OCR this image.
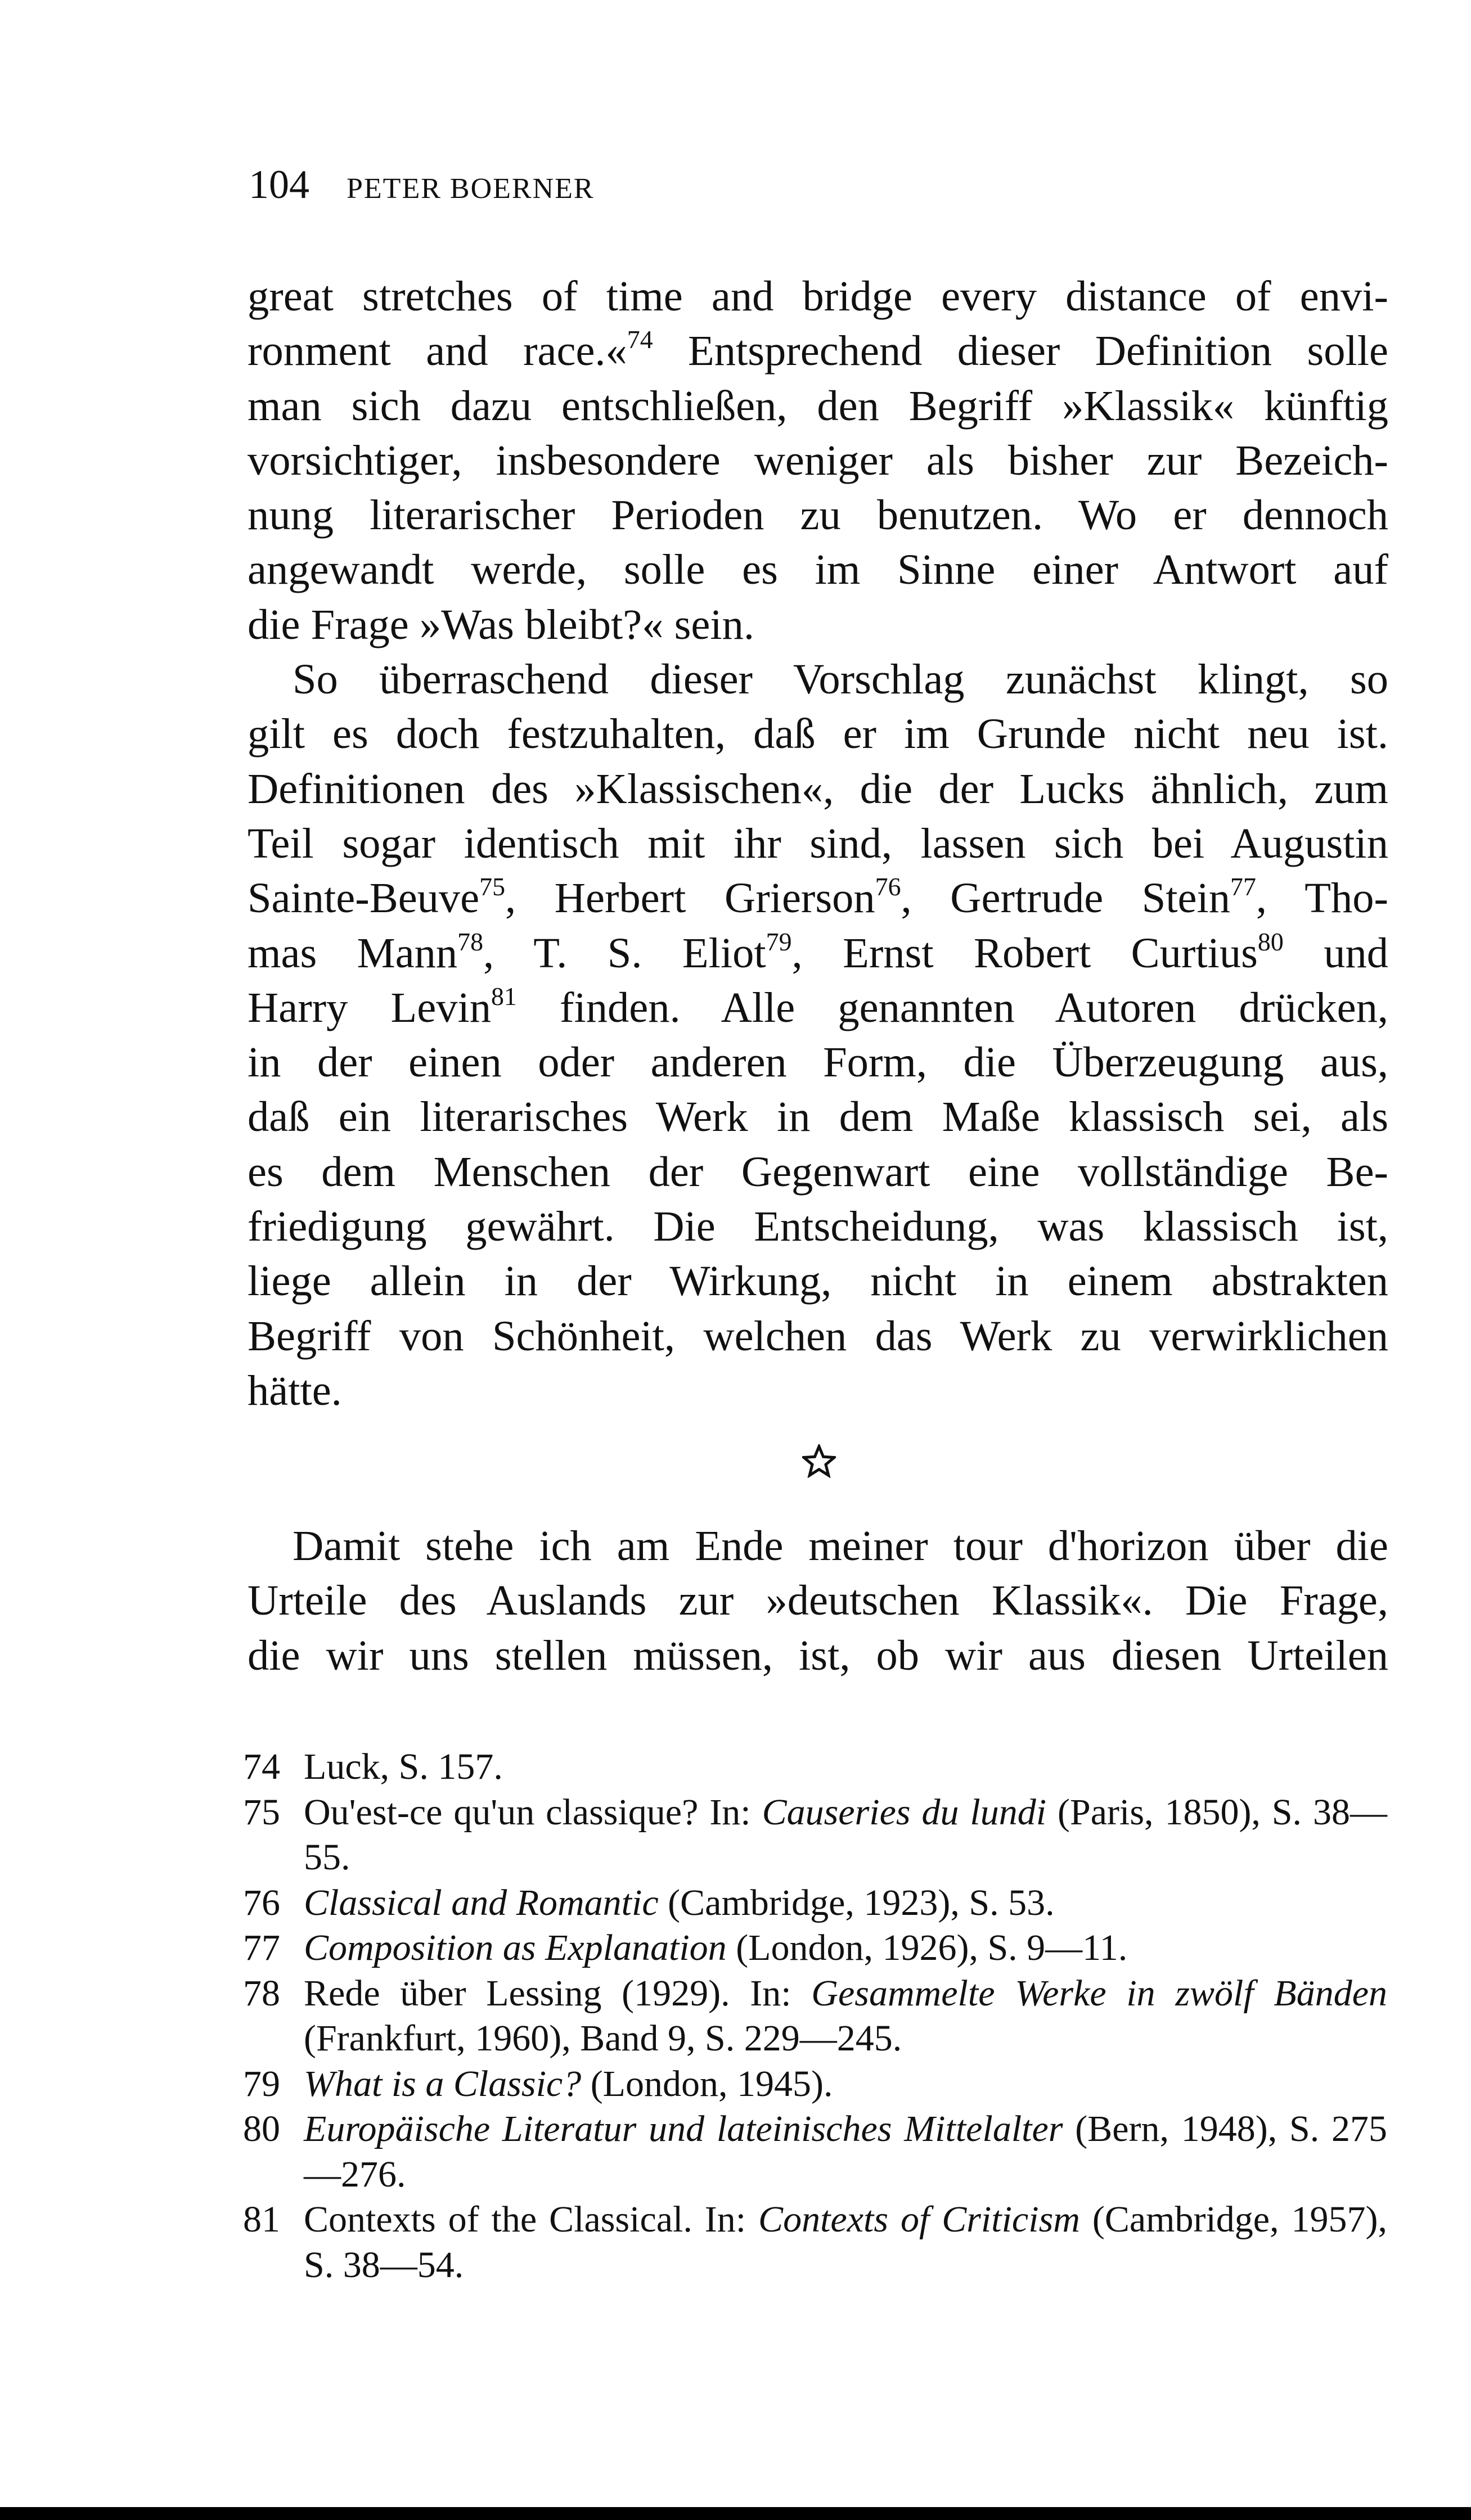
104 PETER BOERNER

great stretches of time and bridge every distance of envi-
ronment and race.«$^{74}$ Entsprechend dieser Definition solle
man sich dazu entschließen, den Begriff »Klassik« künftig
vorsichtiger, insbesondere weniger als bisher zur Bezeich-
nung literarischer Perioden zu benutzen. Wo er dennoch
angewandt werde, solle es im Sinne einer Antwort auf
die Frage »Was bleibt?« sein.

So überraschend dieser Vorschlag zunächst klingt, so
gilt es doch festzuhalten, daß er im Grunde nicht neu ist.
Definitionen des »Klassischen«, die der Lucks ähnlich, zum
Teil sogar identisch mit ihr sind, lassen sich bei Augustin
Sainte-Beuve$^{75}$, Herbert Grierson$^{76}$, Gertrude Stein$^{77}$, Tho-
mas Mann$^{78}$, T. S. Eliot$^{79}$, Ernst Robert Curtius$^{80}$ und
Harry Levin$^{81}$ finden. Alle genannten Autoren drücken,
in der einen oder anderen Form, die Überzeugung aus,
daß ein literarisches Werk in dem Maße klassisch sei, als
es dem Menschen der Gegenwart eine vollständige Be-
friedigung gewährt. Die Entscheidung, was klassisch ist,
liege allein in der Wirkung, nicht in einem abstrakten
Begriff von Schönheit, welchen das Werk zu verwirklichen
hätte.

Damit stehe ich am Ende meiner tour d'horizon über die
Urteile des Auslands zur »deutschen Klassik«. Die Frage,
die wir uns stellen müssen, ist, ob wir aus diesen Urteilen

74 Luck, S. 157.
75 Ou'est-ce qu'un classique? In: Causeries du lundi (Paris, 1850), S. 38—55.
76 Classical and Romantic (Cambridge, 1923), S. 53.
77 Composition as Explanation (London, 1926), S. 9—11.
78 Rede über Lessing (1929). In: Gesammelte Werke in zwölf Bänden (Frankfurt, 1960), Band 9, S. 229—245.
79 What is a Classic? (London, 1945).
80 Europäische Literatur und lateinisches Mittelalter (Bern, 1948), S. 275—276.
81 Contexts of the Classical. In: Contexts of Criticism (Cambridge, 1957), S. 38—54.
